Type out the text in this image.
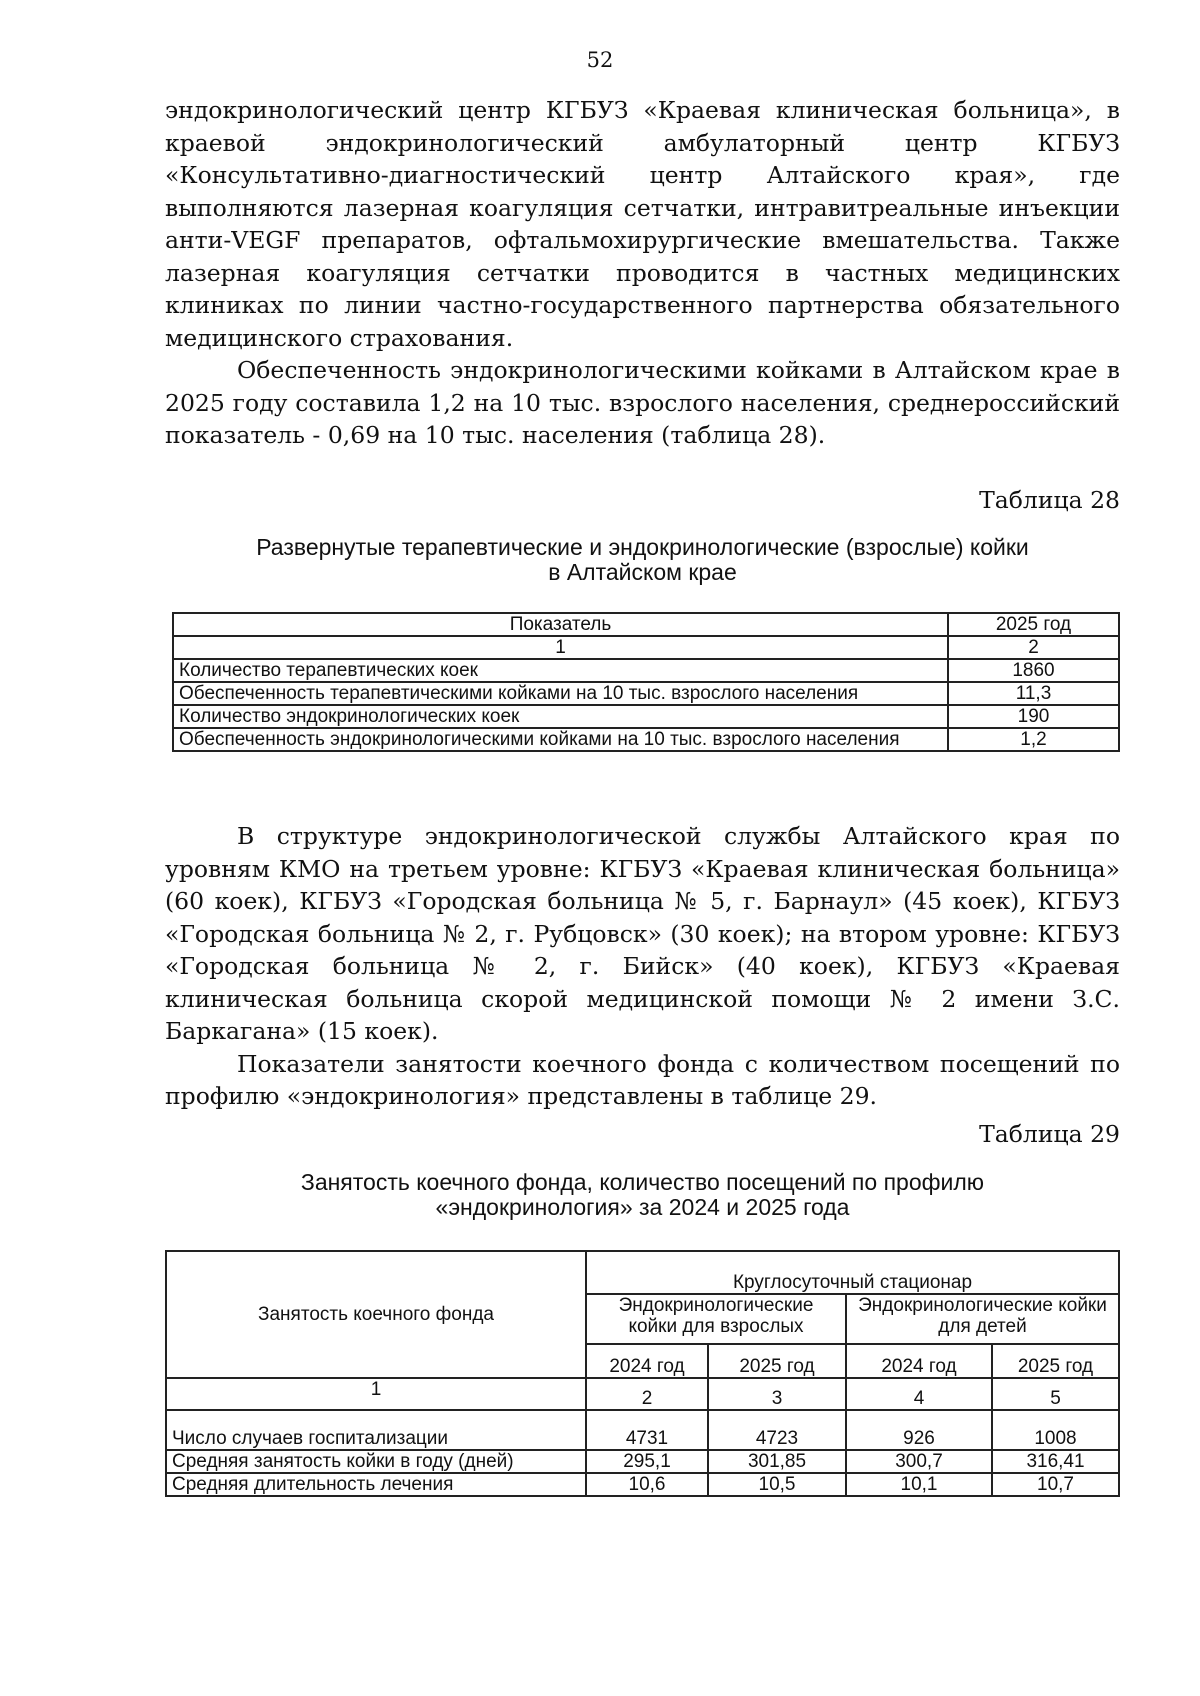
52

эндокринологический центр КГБУЗ «Краевая клиническая больница», в краевой эндокринологический амбулаторный центр КГБУЗ «Консультативно-диагностический центр Алтайского края», где выполняются лазерная коагуляция сетчатки, интравитреальные инъекции анти-VEGF препаратов, офтальмохирургические вмешательства. Также лазерная коагуляция сетчатки проводится в частных медицинских клиниках по линии частно-государственного партнерства обязательного медицинского страхования.

Обеспеченность эндокринологическими койками в Алтайском крае в 2025 году составила 1,2 на 10 тыс. взрослого населения, среднероссийский показатель - 0,69 на 10 тыс. населения (таблица 28).

Таблица 28
Развернутые терапевтические и эндокринологические (взрослые) койки
в Алтайском крае
Показатель	2025 год
1	2
Количество терапевтических коек	1860
Обеспеченность терапевтическими койками на 10 тыс. взрослого населения	11,3
Количество эндокринологических коек	190
Обеспеченность эндокринологическими койками на 10 тыс. взрослого населения	1,2

В структуре эндокринологической службы Алтайского края по уровням КМО на третьем уровне: КГБУЗ «Краевая клиническая больница» (60 коек), КГБУЗ «Городская больница № 5, г. Барнаул» (45 коек), КГБУЗ «Городская больница № 2, г. Рубцовск» (30 коек); на втором уровне: КГБУЗ «Городская больница № 2, г. Бийск» (40 коек), КГБУЗ «Краевая клиническая больница скорой медицинской помощи № 2 имени З.С. Баркагана» (15 коек).

Показатели занятости коечного фонда с количеством посещений по профилю «эндокринология» представлены в таблице 29.

Таблица 29
Занятость коечного фонда, количество посещений по профилю
«эндокринология» за 2024 и 2025 года
Занятость коечного фонда	Круглосуточный стационар			
	Эндокринологические койки для взрослых		Эндокринологические койки для детей	
	2024 год	2025 год	2024 год	2025 год
1	2	3	4	5
Число случаев госпитализации	4731	4723	926	1008
Средняя занятость койки в году (дней)	295,1	301,85	300,7	316,41
Средняя длительность лечения	10,6	10,5	10,1	10,7
